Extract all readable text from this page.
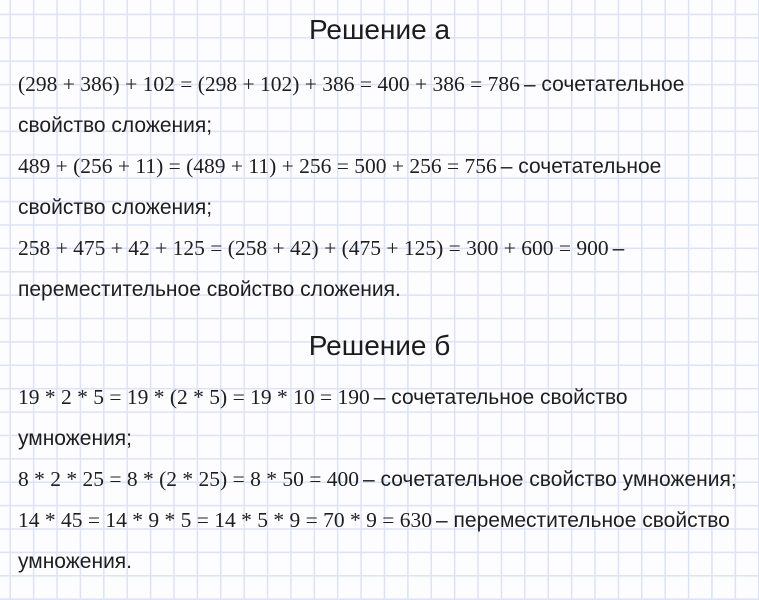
Решение а
(298 + 386) + 102 = (298 + 102) + 386 = 400 + 386 = 786 – сочетательное
свойство сложения;
489 + (256 + 11) = (489 + 11) + 256 = 500 + 256 = 756 – сочетательное
свойство сложения;
258 + 475 + 42 + 125 = (258 + 42) + (475 + 125) = 300 + 600 = 900 –
переместительное свойство сложения.
Решение б
19 * 2 * 5 = 19 * (2 * 5) = 19 * 10 = 190 – сочетательное свойство
умножения;
8 * 2 * 25 = 8 * (2 * 25) = 8 * 50 = 400 – сочетательное свойство умножения;
14 * 45 = 14 * 9 * 5 = 14 * 5 * 9 = 70 * 9 = 630 – переместительное свойство
умножения.
